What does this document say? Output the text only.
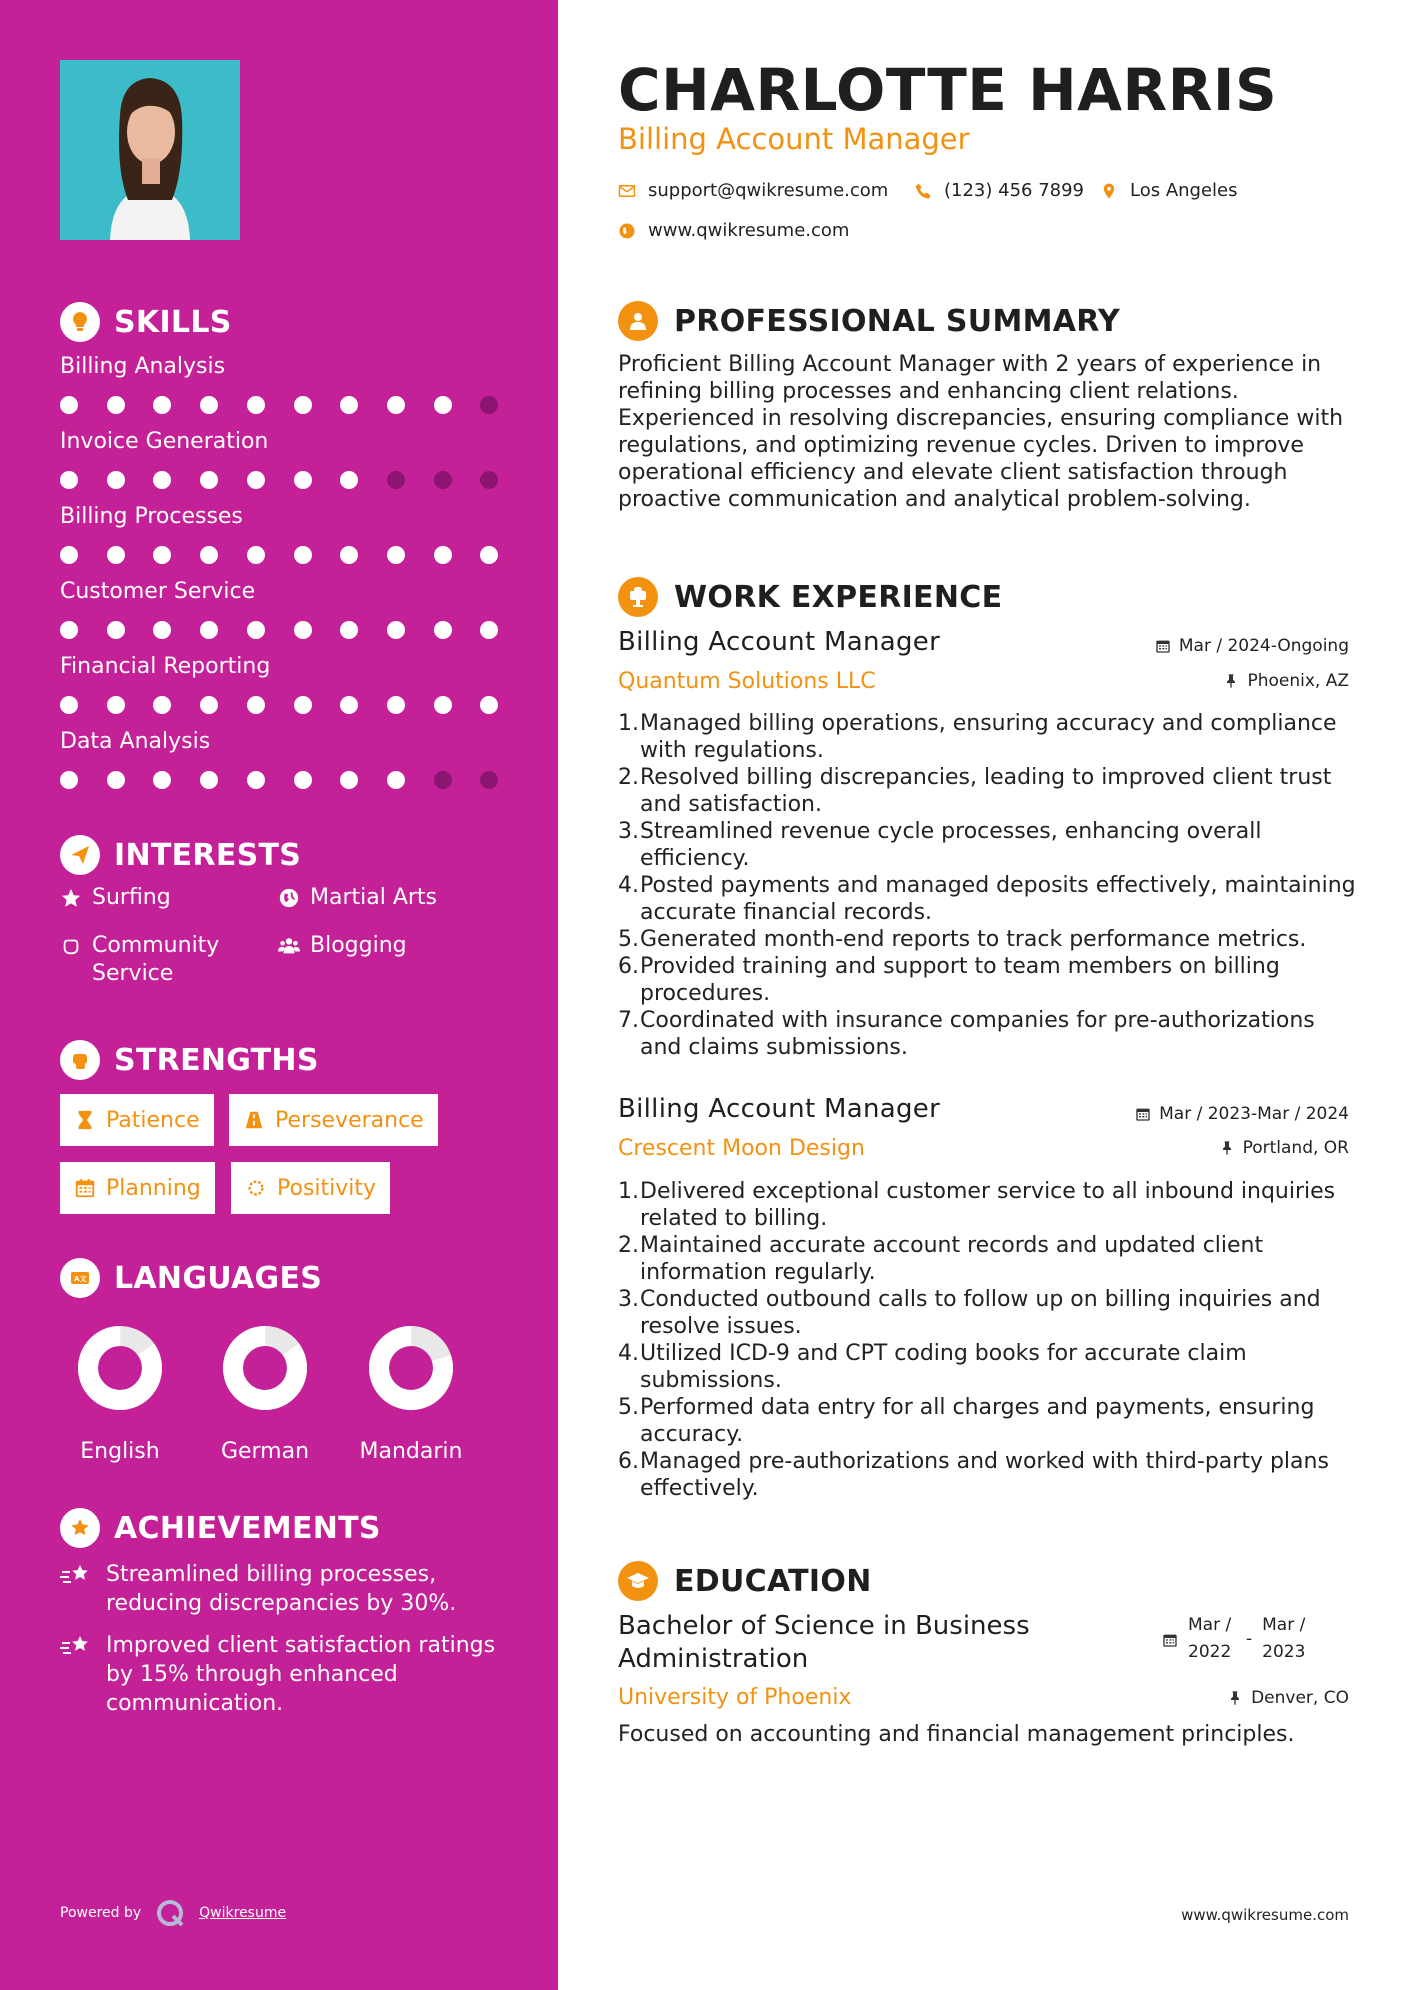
SKILLS
Billing Analysis
Invoice Generation
Billing Processes
Customer Service
Financial Reporting
Data Analysis
INTERESTS
Surfing	Martial Arts
Community Service
Blogging
STRENGTHS
Patience	Perseverance
Planning	Positivity
A文 LANGUAGES
English	German	Mandarin
ACHIEVEMENTS
Streamlined billing processes, reducing discrepancies by 30%.
Improved client satisfaction ratings by 15% through enhanced communication.
Powered by	Qwikresume
CHARLOTTE HARRIS
Billing Account Manager
support@qwikresume.com	(123) 456 7899	Los Angeles
www.qwikresume.com
PROFESSIONAL SUMMARY
Proficient Billing Account Manager with 2 years of experience in refining billing processes and enhancing client relations. Experienced in resolving discrepancies, ensuring compliance with regulations, and optimizing revenue cycles. Driven to improve operational efficiency and elevate client satisfaction through proactive communication and analytical problem-solving.
WORK EXPERIENCE
Billing Account Manager	Mar / 2024-Ongoing
Quantum Solutions LLC	Phoenix, AZ
1. Managed billing operations, ensuring accuracy and compliance with regulations.
2. Resolved billing discrepancies, leading to improved client trust and satisfaction.
3. Streamlined revenue cycle processes, enhancing overall efficiency.
4. Posted payments and managed deposits effectively, maintaining accurate financial records.
5. Generated month-end reports to track performance metrics.
6. Provided training and support to team members on billing procedures.
7. Coordinated with insurance companies for pre-authorizations and claims submissions.
Billing Account Manager	Mar / 2023-Mar / 2024
Crescent Moon Design	Portland, OR
1. Delivered exceptional customer service to all inbound inquiries related to billing.
2. Maintained accurate account records and updated client information regularly.
3. Conducted outbound calls to follow up on billing inquiries and resolve issues.
4. Utilized ICD-9 and CPT coding books for accurate claim submissions.
5. Performed data entry for all charges and payments, ensuring accuracy.
6. Managed pre-authorizations and worked with third-party plans effectively.
EDUCATION
Bachelor of Science in Business Administration
Mar / 2022
-
Mar / 2023
University of Phoenix	Denver, CO
Focused on accounting and financial management principles.
www.qwikresume.com
